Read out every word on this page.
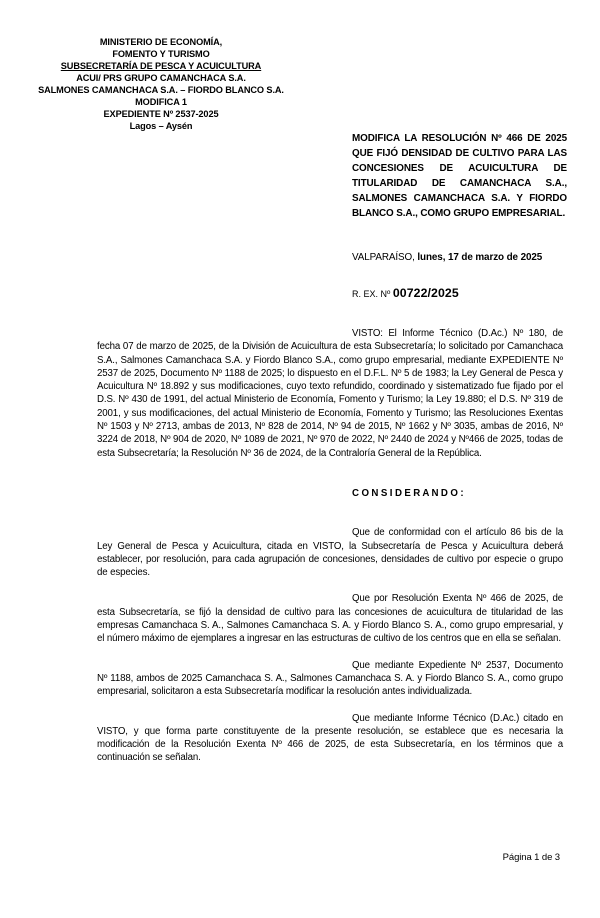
MINISTERIO DE ECONOMÍA,
FOMENTO Y TURISMO
SUBSECRETARÍA DE PESCA Y ACUICULTURA
ACUI/ PRS GRUPO CAMANCHACA S.A.
SALMONES CAMANCHACA S.A. – FIORDO BLANCO S.A.
MODIFICA 1
EXPEDIENTE Nº 2537-2025
Lagos – Aysén
MODIFICA LA RESOLUCIÓN Nº 466 DE 2025 QUE FIJÓ DENSIDAD DE CULTIVO PARA LAS CONCESIONES DE ACUICULTURA DE TITULARIDAD DE CAMANCHACA S.A., SALMONES CAMANCHACA S.A. Y FIORDO BLANCO S.A., COMO GRUPO EMPRESARIAL.
VALPARAÍSO, lunes, 17 de marzo de 2025
R. EX. Nº 00722/2025

VISTO: El Informe Técnico (D.Ac.) Nº 180, de fecha 07 de marzo de 2025, de la División de Acuicultura de esta Subsecretaría; lo solicitado por Camanchaca S.A., Salmones Camanchaca S.A. y Fiordo Blanco S.A., como grupo empresarial, mediante EXPEDIENTE Nº 2537 de 2025, Documento Nº 1188 de 2025; lo dispuesto en el D.F.L. Nº 5 de 1983; la Ley General de Pesca y Acuicultura Nº 18.892 y sus modificaciones, cuyo texto refundido, coordinado y sistematizado fue fijado por el D.S. Nº 430 de 1991, del actual Ministerio de Economía, Fomento y Turismo; la Ley 19.880; el D.S. Nº 319 de 2001, y sus modificaciones, del actual Ministerio de Economía, Fomento y Turismo; las Resoluciones Exentas Nº 1503 y Nº 2713, ambas de 2013, Nº 828 de 2014, Nº 94 de 2015, Nº 1662 y Nº 3035, ambas de 2016, Nº 3224 de 2018, Nº 904 de 2020, Nº 1089 de 2021, Nº 970 de 2022, Nº 2440 de 2024 y Nº466 de 2025, todas de esta Subsecretaría; la Resolución Nº 36 de 2024, de la Contraloría General de la República.

C O N S I D E R A N D O :

Que de conformidad con el artículo 86 bis de la Ley General de Pesca y Acuicultura, citada en VISTO, la Subsecretaría de Pesca y Acuicultura deberá establecer, por resolución, para cada agrupación de concesiones, densidades de cultivo por especie o grupo de especies.

Que por Resolución Exenta Nº 466 de 2025, de esta Subsecretaría, se fijó la densidad de cultivo para las concesiones de acuicultura de titularidad de las empresas Camanchaca S. A., Salmones Camanchaca S. A. y Fiordo Blanco S. A., como grupo empresarial, y el número máximo de ejemplares a ingresar en las estructuras de cultivo de los centros que en ella se señalan.

Que mediante Expediente Nº 2537, Documento Nº 1188, ambos de 2025 Camanchaca S. A., Salmones Camanchaca S. A. y Fiordo Blanco S. A., como grupo empresarial, solicitaron a esta Subsecretaría modificar la resolución antes individualizada.

Que mediante Informe Técnico (D.Ac.) citado en VISTO, y que forma parte constituyente de la presente resolución, se establece que es necesaria la modificación de la Resolución Exenta Nº 466 de 2025, de esta Subsecretaría, en los términos que a continuación se señalan.

Página 1 de 3
